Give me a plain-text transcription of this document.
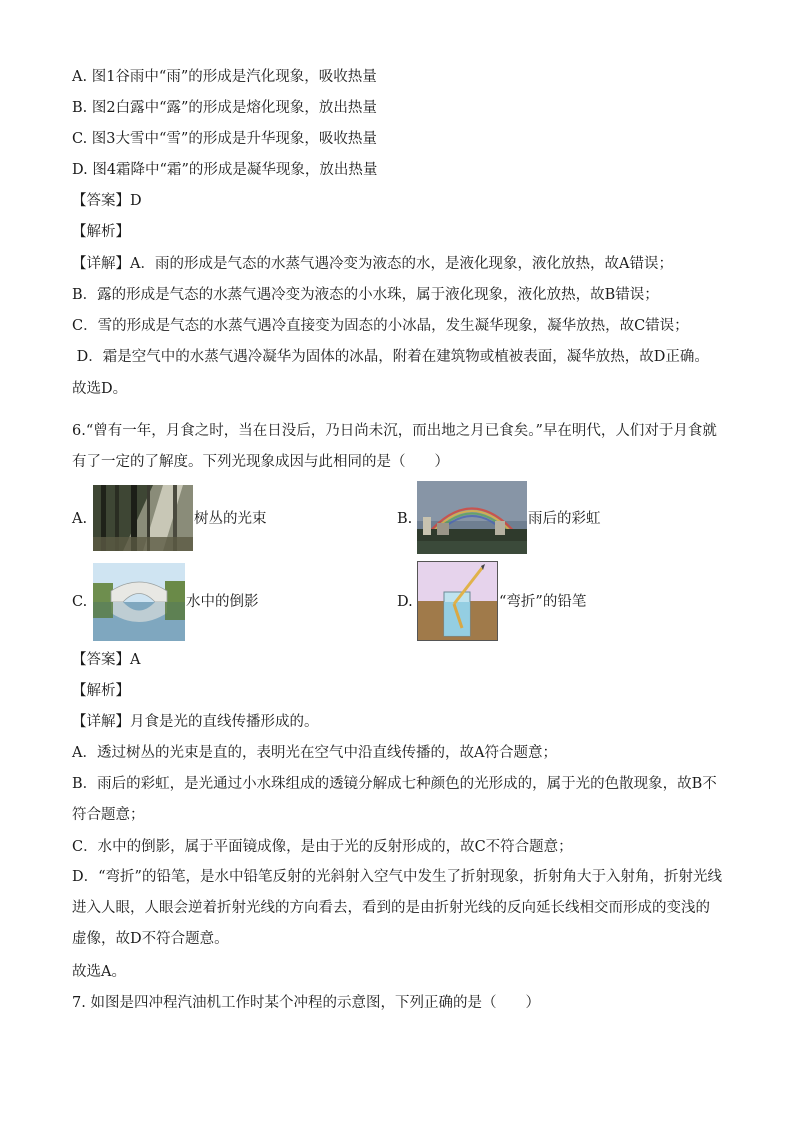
A. 图1谷雨中“雨”的形成是汽化现象，吸收热量
B. 图2白露中“露”的形成是熔化现象，放出热量
C. 图3大雪中“雪”的形成是升华现象，吸收热量
D. 图4霜降中“霜”的形成是凝华现象，放出热量
【答案】D
【解析】
【详解】A．雨的形成是气态的水蒸气遇冷变为液态的水，是液化现象，液化放热，故A错误；
B．露的形成是气态的水蒸气遇冷变为液态的小水珠，属于液化现象，液化放热，故B错误；
C．雪的形成是气态的水蒸气遇冷直接变为固态的小冰晶，发生凝华现象，凝华放热，故C错误；
D．霜是空气中的水蒸气遇冷凝华为固体的冰晶，附着在建筑物或植被表面，凝华放热，故D正确。
故选D。
6.“曾有一年，月食之时，当在日没后，乃日尚未沉，而出地之月已食矣。”早在明代，人们对于月食就有了一定的了解度。下列光现象成因与此相同的是（　　）
A.	树丛的光束	B.	雨后的彩虹
C.	水中的倒影	D.	“弯折”的铅笔
【答案】A
【解析】
【详解】月食是光的直线传播形成的。
A．透过树丛的光束是直的，表明光在空气中沿直线传播的，故A符合题意；
B．雨后的彩虹，是光通过小水珠组成的透镜分解成七种颜色的光形成的，属于光的色散现象，故B不符合题意；
C．水中的倒影，属于平面镜成像，是由于光的反射形成的，故C不符合题意；
D．“弯折”的铅笔，是水中铅笔反射的光斜射入空气中发生了折射现象，折射角大于入射角，折射光线进入人眼，人眼会逆着折射光线的方向看去，看到的是由折射光线的反向延长线相交而形成的变浅的虚像，故D不符合题意。
故选A。
7. 如图是四冲程汽油机工作时某个冲程的示意图，下列正确的是（　　）
